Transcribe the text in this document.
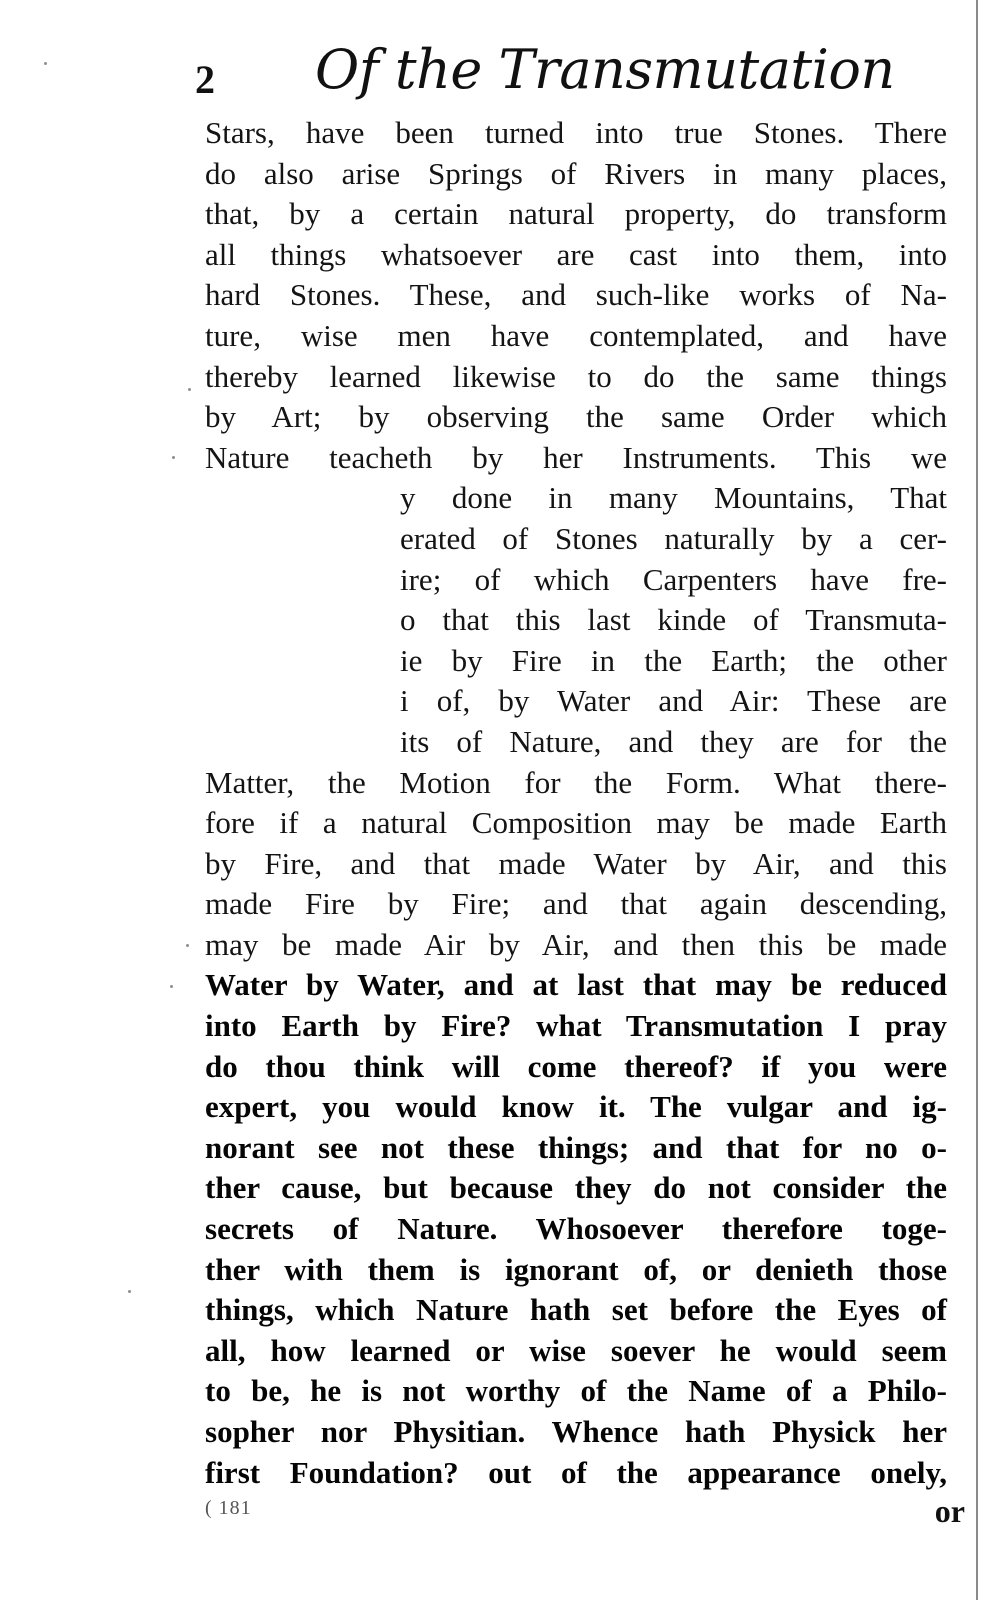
2 Of the Transmutation
Stars, have been turned into true Stones. There
do also arise Springs of Rivers in many places,
that, by a certain natural property, do transform
all things whatsoever are cast into them, into
hard Stones. These, and such-like works of Na-
ture, wise men have contemplated, and have
thereby learned likewise to do the same things
by Art; by observing the same Order which
Nature teacheth by her Instruments. This we
y done in many Mountains, That
erated of Stones naturally by a cer-
ire; of which Carpenters have fre-
o that this last kinde of Transmuta-
ie by Fire in the Earth; the other
i of, by Water and Air: These are
its of Nature, and they are for the
Matter, the Motion for the Form. What there-
fore if a natural Composition may be made Earth
by Fire, and that made Water by Air, and this
made Fire by Fire; and that again descending,
may be made Air by Air, and then this be made
Water by Water, and at last that may be reduced
into Earth by Fire? what Transmutation I pray
do thou think will come thereof? if you were
expert, you would know it. The vulgar and ig-
norant see not these things; and that for no o-
ther cause, but because they do not consider the
secrets of Nature. Whosoever therefore toge-
ther with them is ignorant of, or denieth those
things, which Nature hath set before the Eyes of
all, how learned or wise soever he would seem
to be, he is not worthy of the Name of a Philo-
sopher nor Physitian. Whence hath Physick her
first Foundation? out of the appearance onely,
( 181	or
